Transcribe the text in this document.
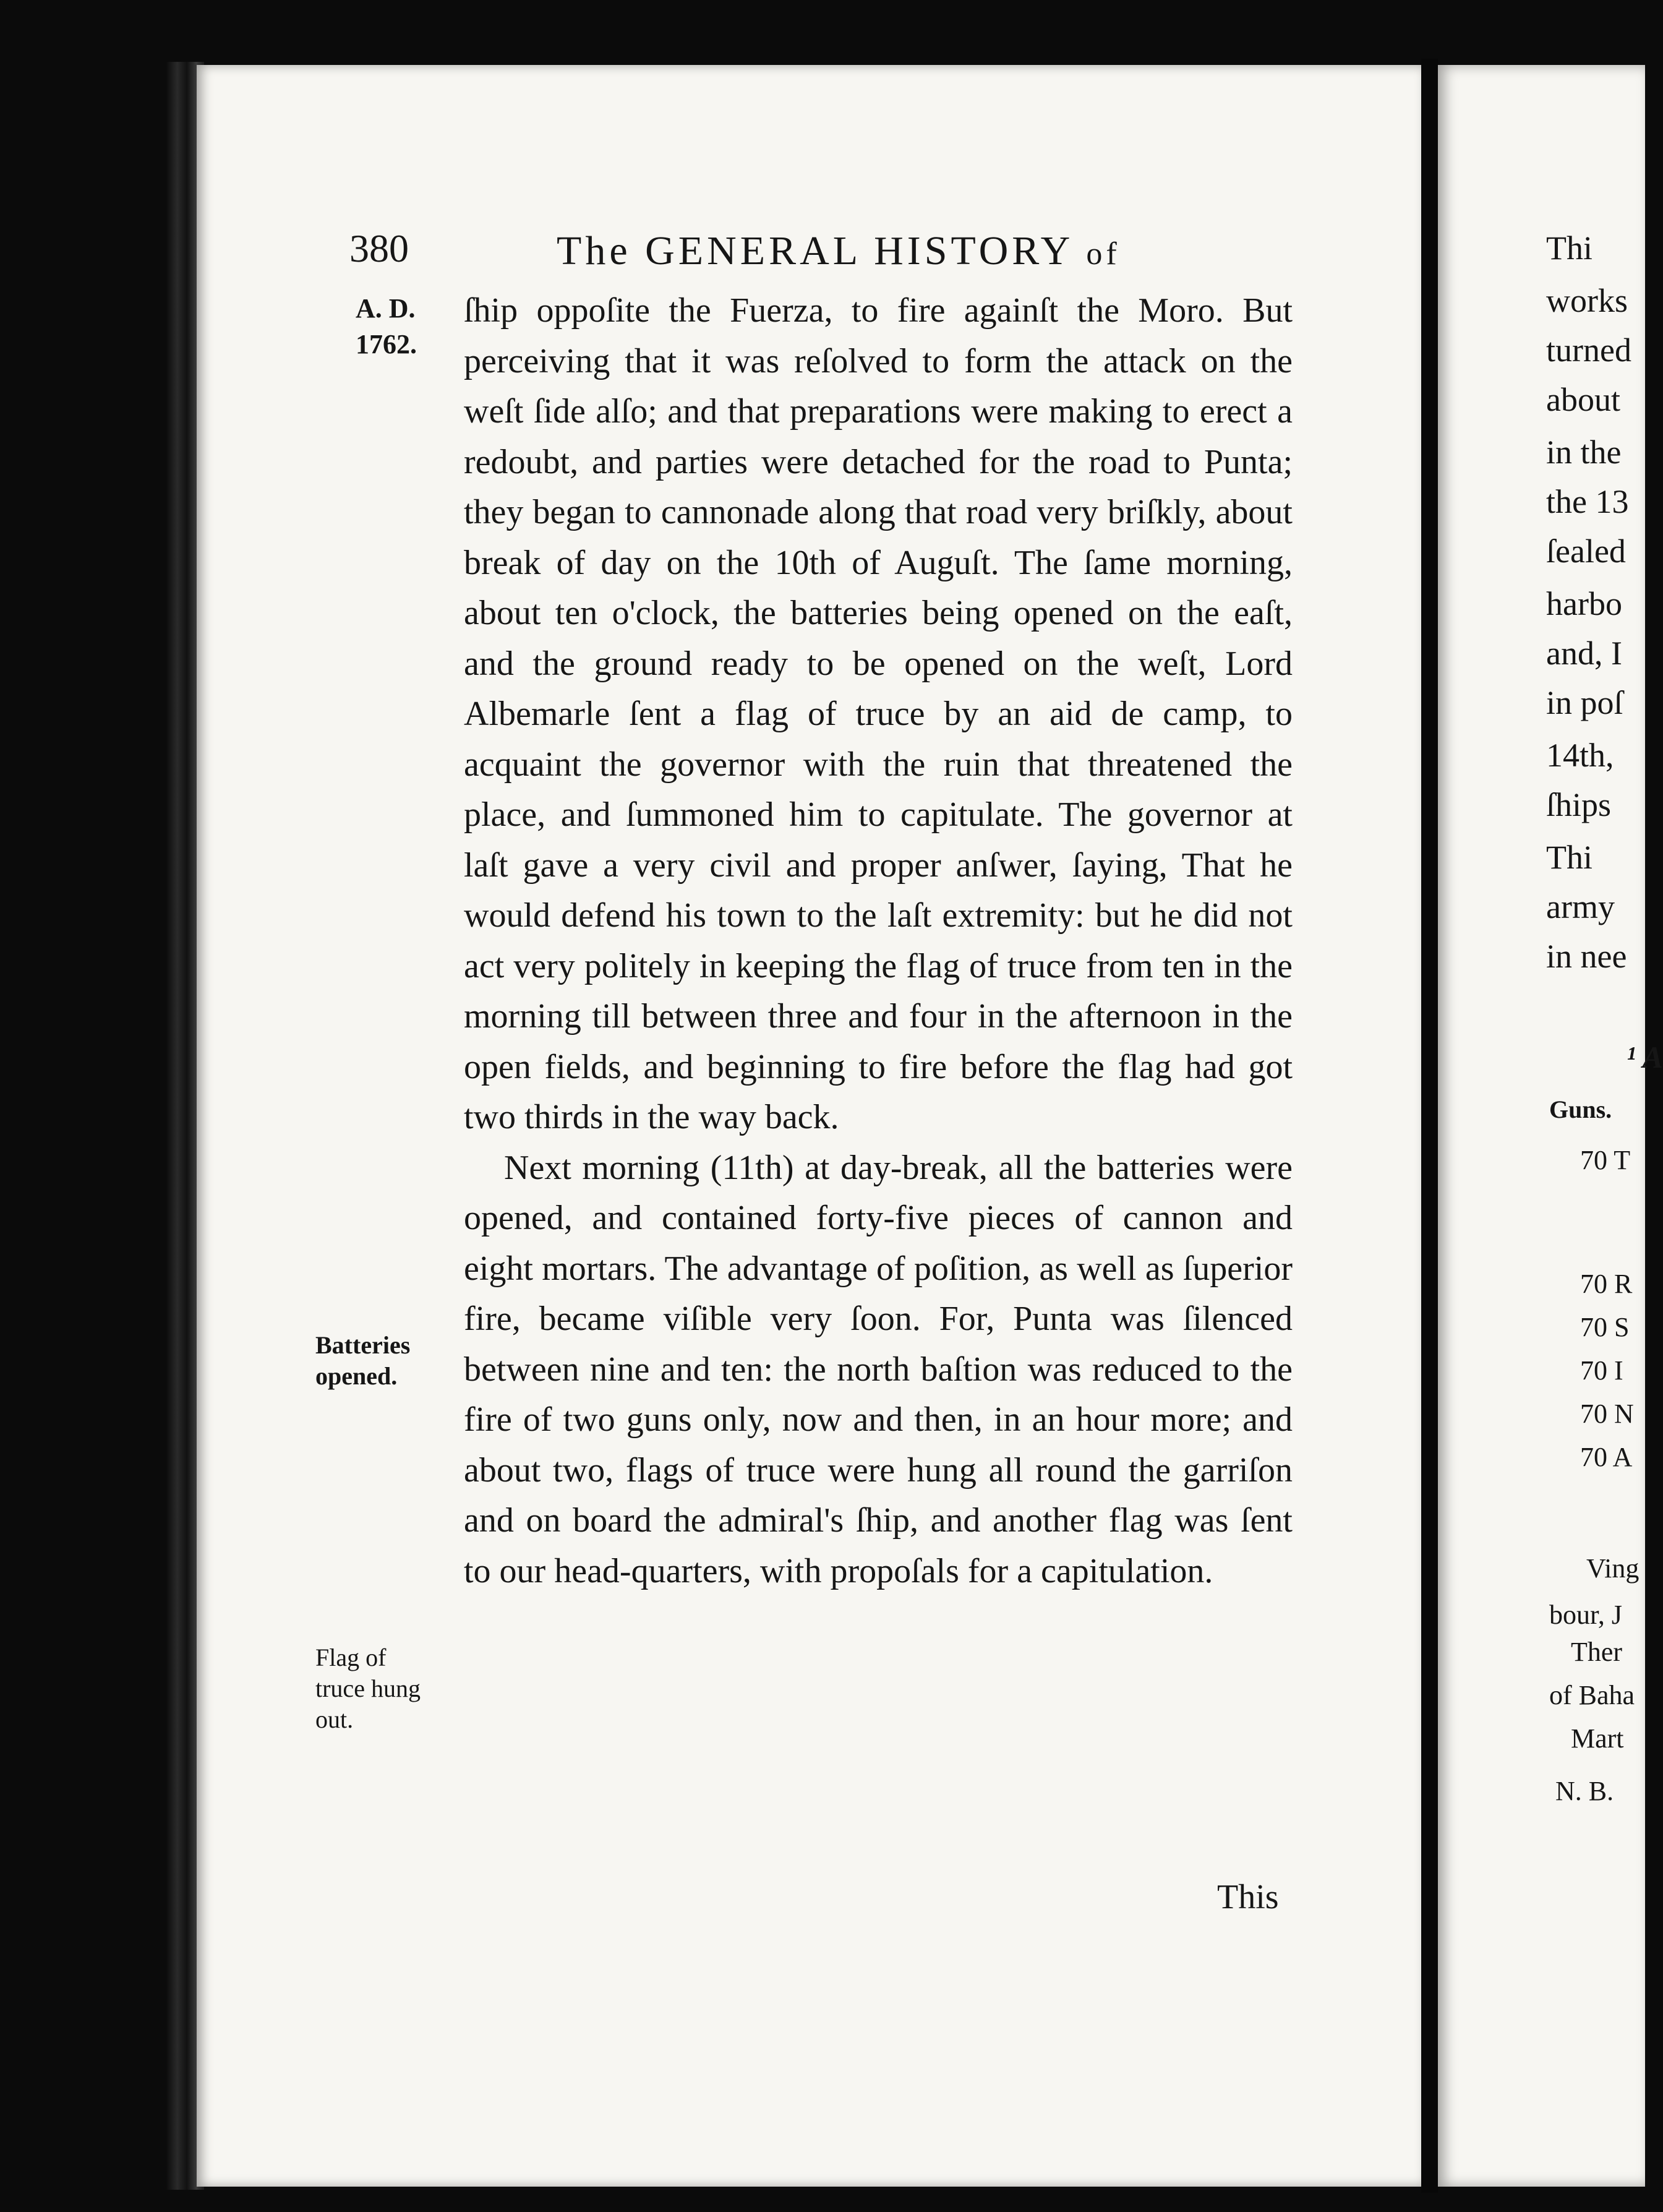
380	The GENERAL HISTORY of
A. D.
1762.
Batteries
opened.
Flag of
truce hung
out.

ſhip oppoſite the Fuerza, to fire againſt the Moro. But perceiving that it was reſolved to form the attack on the weſt ſide alſo; and that preparations were making to erect a redoubt, and parties were detached for the road to Punta; they began to cannonade along that road very briſkly, about break of day on the 10th of Auguſt. The ſame morning, about ten o'clock, the batteries being opened on the eaſt, and the ground ready to be opened on the weſt, Lord Albemarle ſent a flag of truce by an aid de camp, to acquaint the governor with the ruin that threatened the place, and ſummoned him to capitulate. The governor at laſt gave a very civil and proper anſwer, ſaying, That he would defend his town to the laſt extremity: but he did not act very politely in keeping the flag of truce from ten in the morning till between three and four in the afternoon in the open fields, and beginning to fire before the flag had got two thirds in the way back.

Next morning (11th) at day-break, all the batteries were opened, and contained forty-five pieces of cannon and eight mortars. The advantage of poſition, as well as ſuperior fire, became viſible very ſoon. For, Punta was ſilenced between nine and ten: the north baſtion was reduced to the fire of two guns only, now and then, in an hour more; and about two, flags of truce were hung all round the garriſon and on board the admiral's ſhip, and another flag was ſent to our head-quarters, with propoſals for a capitulation.

This
Thi
works
turned
about
in the
the 13
ſealed
harbo
and, I
in poſ
14th,
ſhips
Thi
army
in nee
¹ A
Guns.
70 T
70 R
70 S
70 I
70 N
70 A
Ving
bour, J
Ther
of Baha
Mart
N. B.
